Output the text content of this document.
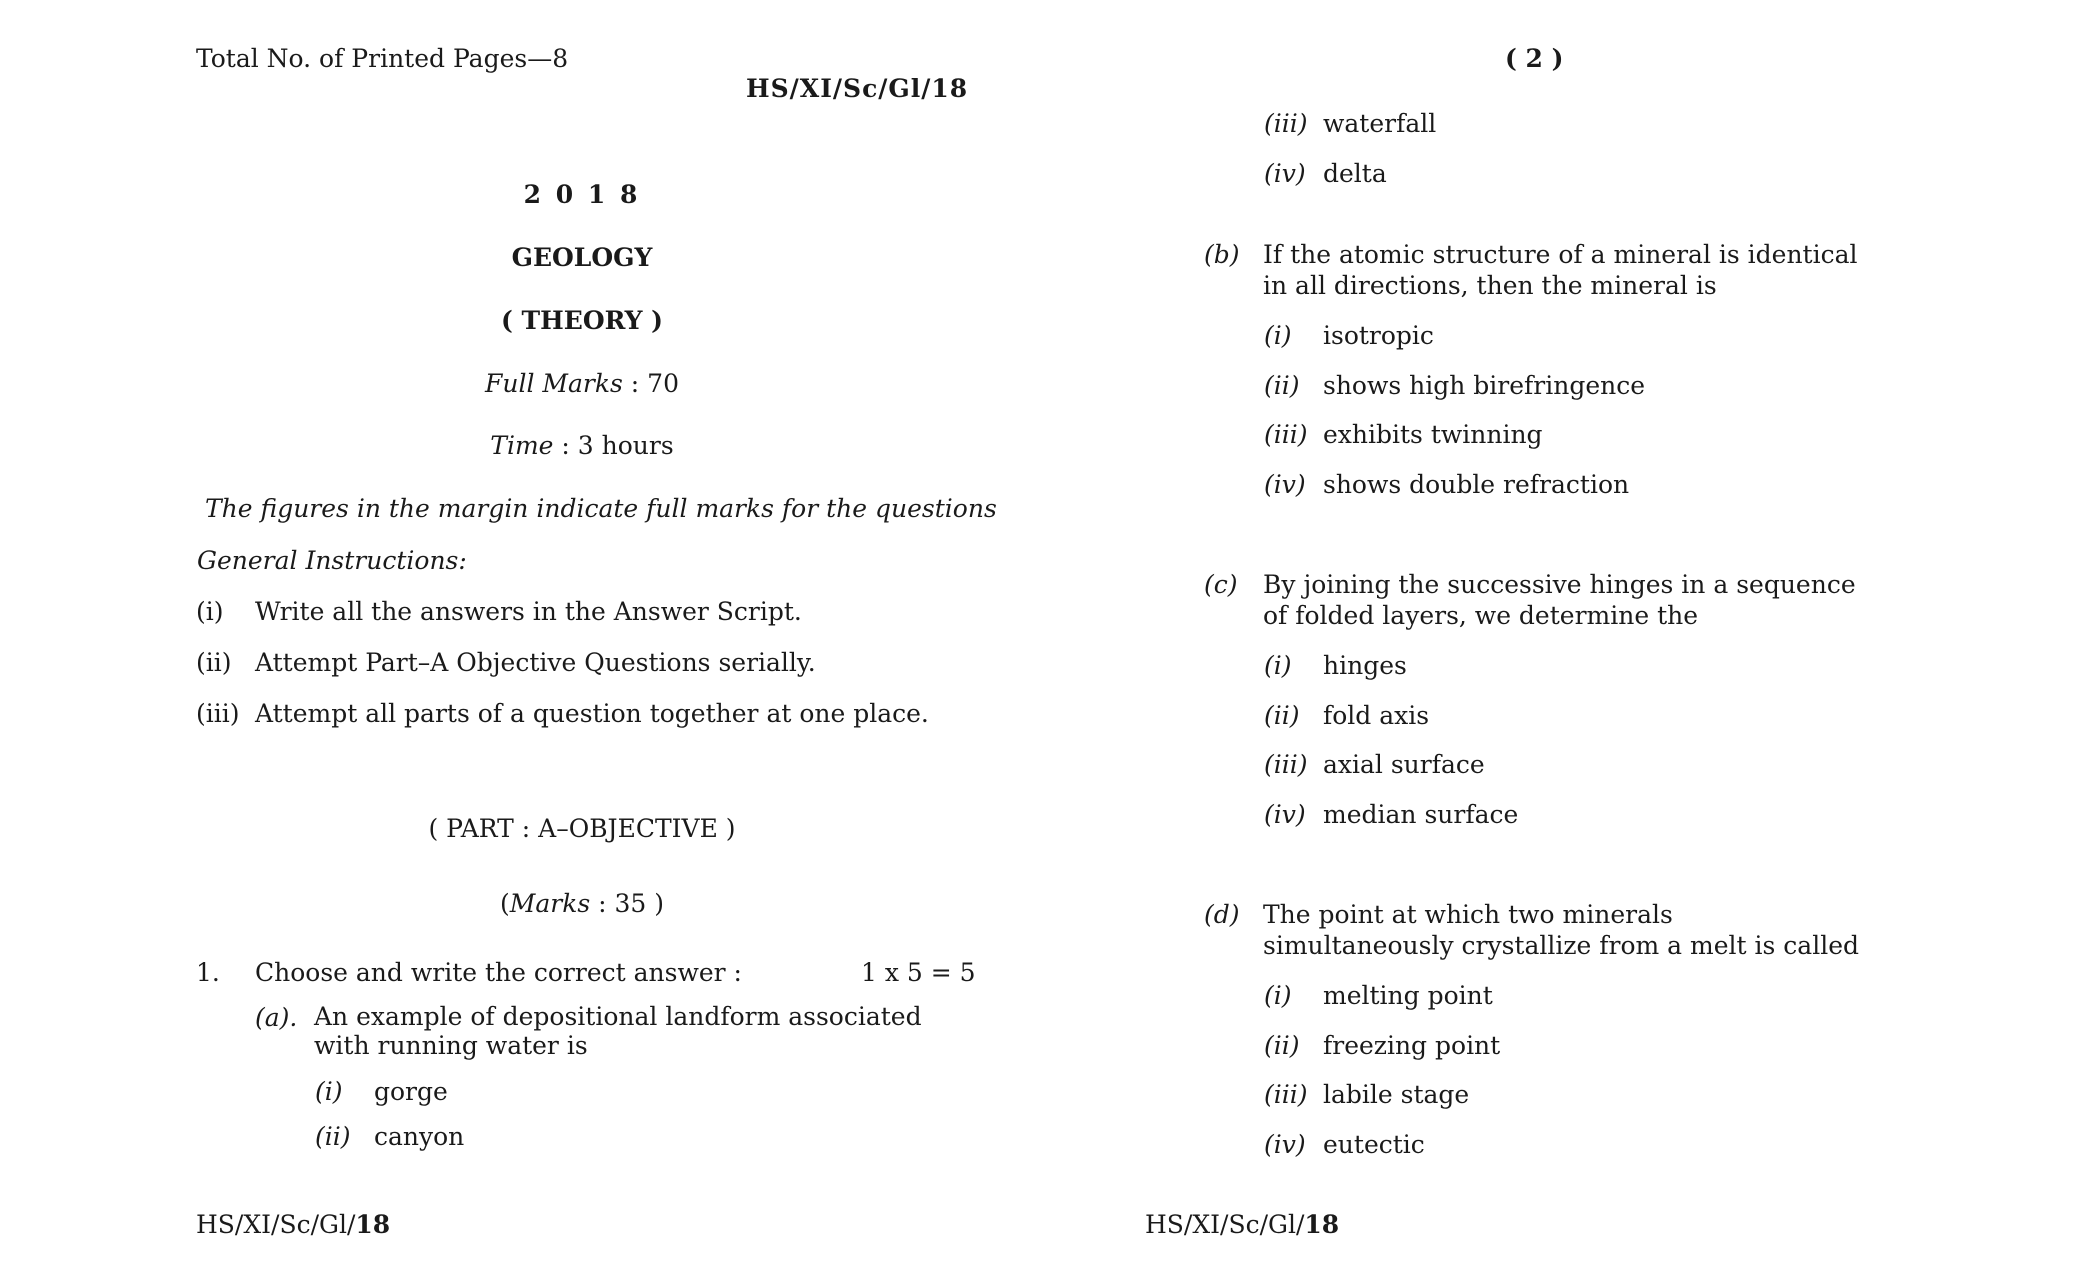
Total No. of Printed Pages—8
HS/XI/Sc/Gl/18
2 0 1 8
GEOLOGY
( THEORY )
Full Marks : 70
Time : 3 hours
The figures in the margin indicate full marks for the questions
General Instructions:
(i) Write all the answers in the Answer Script.
(ii) Attempt Part–A Objective Questions serially.
(iii) Attempt all parts of a question together at one place.
( PART : A–OBJECTIVE )
(Marks : 35 )
1. Choose and write the correct answer :	1 x 5 = 5
(a). An example of depositional landform associated with running water is
(i) gorge
(ii) canyon
HS/XI/Sc/Gl/18
( 2 )
(iii) waterfall
(iv) delta
(b) If the atomic structure of a mineral is identical in all directions, then the mineral is
(i) isotropic
(ii) shows high birefringence
(iii) exhibits twinning
(iv) shows double refraction
(c) By joining the successive hinges in a sequence of folded layers, we determine the
(i) hinges
(ii) fold axis
(iii) axial surface
(iv) median surface
(d) The point at which two minerals simultaneously crystallize from a melt is called
(i) melting point
(ii) freezing point
(iii) labile stage
(iv) eutectic
HS/XI/Sc/Gl/18
